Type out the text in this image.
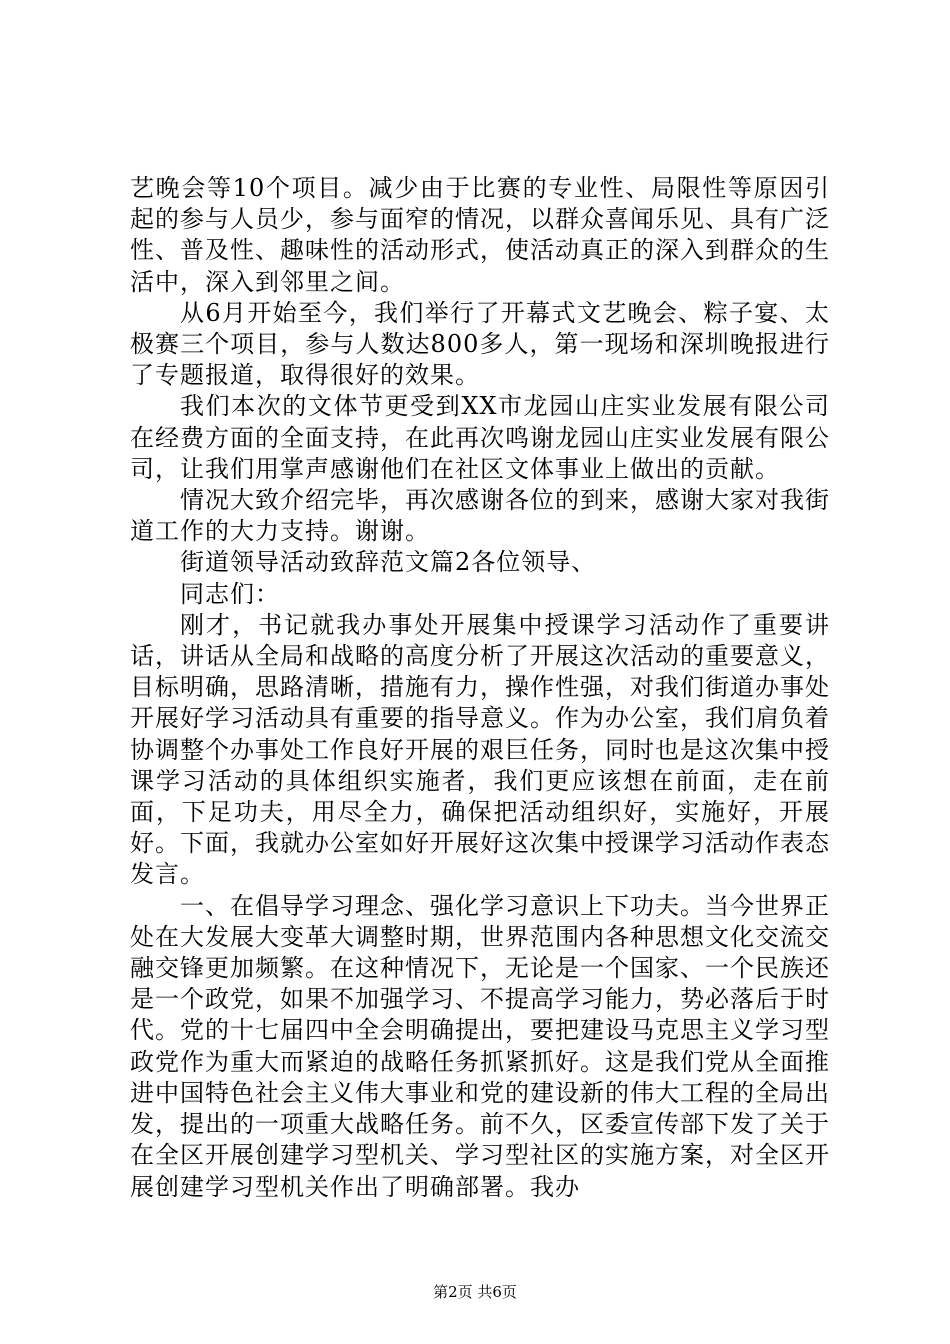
艺晚会等10个项目。减少由于比赛的专业性、局限性等原因引起的参与人员少，参与面窄的情况，以群众喜闻乐见、具有广泛性、普及性、趣味性的活动形式，使活动真正的深入到群众的生活中，深入到邻里之间。

从6月开始至今，我们举行了开幕式文艺晚会、粽子宴、太极赛三个项目，参与人数达800多人，第一现场和深圳晚报进行了专题报道，取得很好的效果。

我们本次的文体节更受到XX市龙园山庄实业发展有限公司在经费方面的全面支持，在此再次鸣谢龙园山庄实业发展有限公司，让我们用掌声感谢他们在社区文体事业上做出的贡献。

情况大致介绍完毕，再次感谢各位的到来，感谢大家对我街道工作的大力支持。谢谢。

街道领导活动致辞范文篇2各位领导、

同志们：

刚才，书记就我办事处开展集中授课学习活动作了重要讲话，讲话从全局和战略的高度分析了开展这次活动的重要意义，目标明确，思路清晰，措施有力，操作性强，对我们街道办事处开展好学习活动具有重要的指导意义。作为办公室，我们肩负着协调整个办事处工作良好开展的艰巨任务，同时也是这次集中授课学习活动的具体组织实施者，我们更应该想在前面，走在前面，下足功夫，用尽全力，确保把活动组织好，实施好，开展好。下面，我就办公室如好开展好这次集中授课学习活动作表态发言。

一、在倡导学习理念、强化学习意识上下功夫。当今世界正处在大发展大变革大调整时期，世界范围内各种思想文化交流交融交锋更加频繁。在这种情况下，无论是一个国家、一个民族还是一个政党，如果不加强学习、不提高学习能力，势必落后于时代。党的十七届四中全会明确提出，要把建设马克思主义学习型政党作为重大而紧迫的战略任务抓紧抓好。这是我们党从全面推进中国特色社会主义伟大事业和党的建设新的伟大工程的全局出发，提出的一项重大战略任务。前不久，区委宣传部下发了关于在全区开展创建学习型机关、学习型社区的实施方案，对全区开展创建学习型机关作出了明确部署。我办

第2页 共6页
